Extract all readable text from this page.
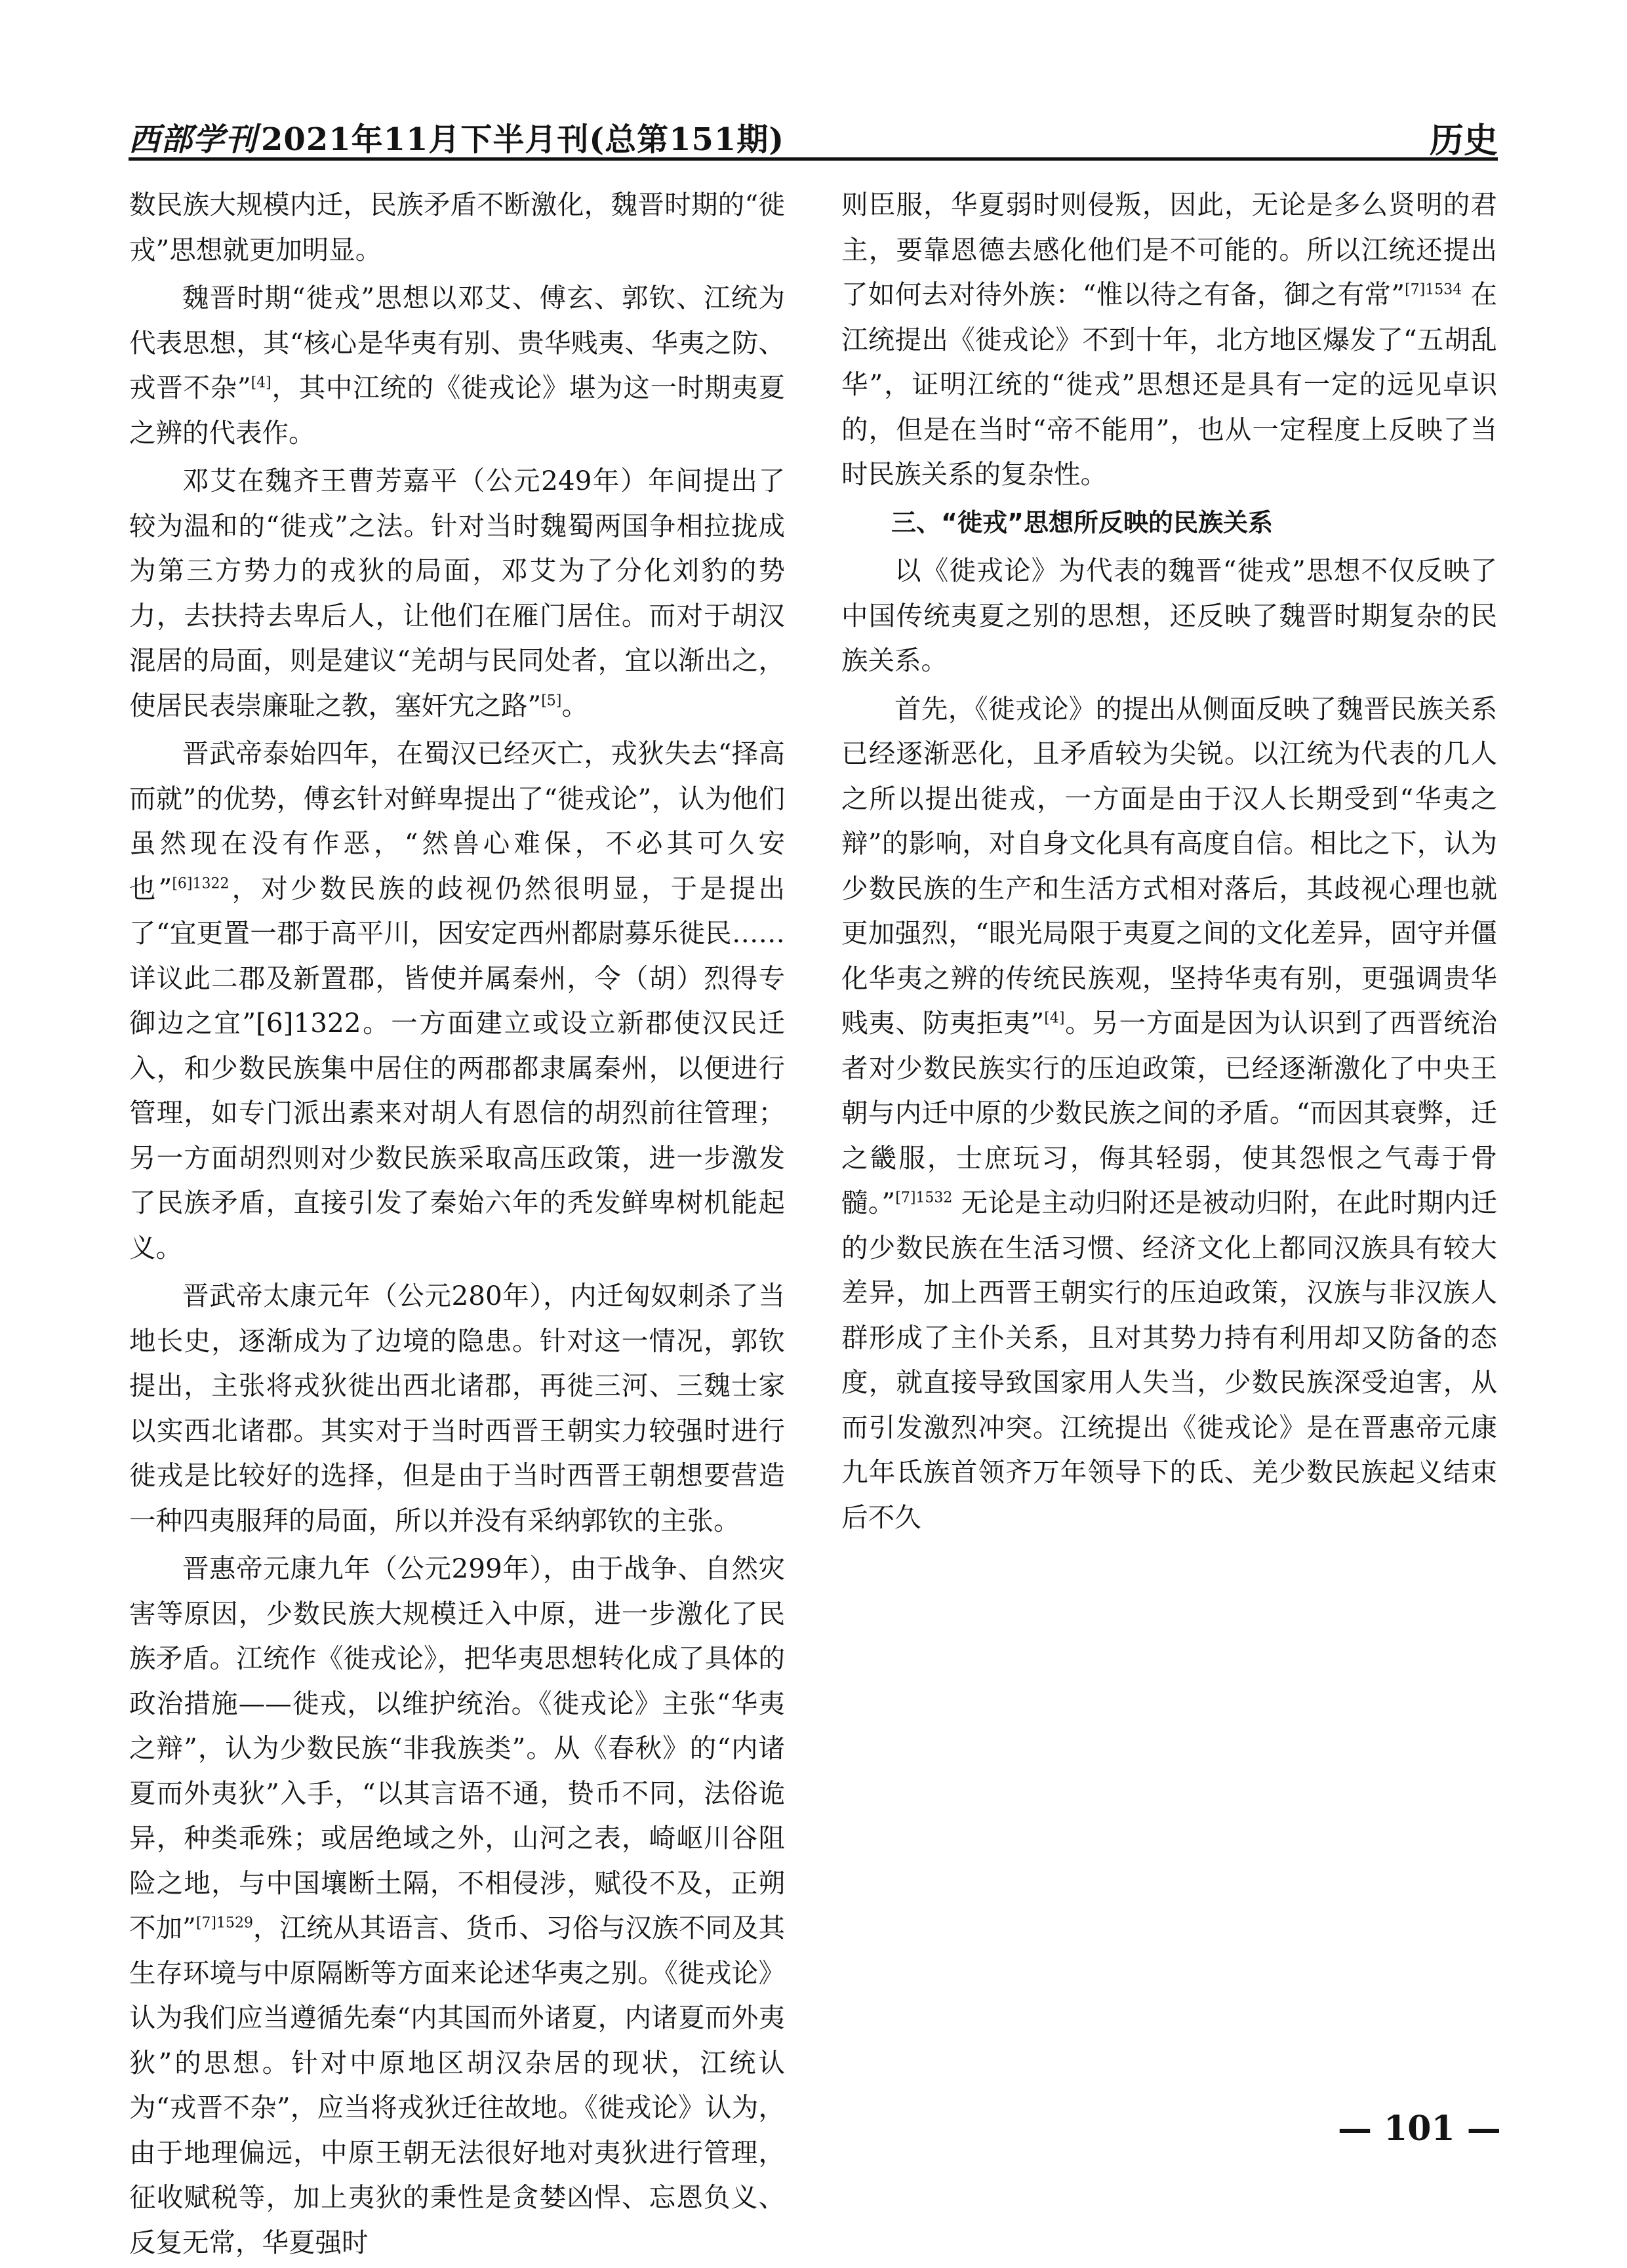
西部学刊 2021年11月下半月刊(总第151期)	历史

数民族大规模内迁，民族矛盾不断激化，魏晋时期的“徙戎”思想就更加明显。

魏晋时期“徙戎”思想以邓艾、傅玄、郭钦、江统为代表思想，其“核心是华夷有别、贵华贱夷、华夷之防、戎晋不杂”[4]，其中江统的《徙戎论》堪为这一时期夷夏之辨的代表作。

邓艾在魏齐王曹芳嘉平（公元249年）年间提出了较为温和的“徙戎”之法。针对当时魏蜀两国争相拉拢成为第三方势力的戎狄的局面，邓艾为了分化刘豹的势力，去扶持去卑后人，让他们在雁门居住。而对于胡汉混居的局面，则是建议“羌胡与民同处者，宜以渐出之，使居民表崇廉耻之教，塞奸宄之路”[5]。

晋武帝泰始四年，在蜀汉已经灭亡，戎狄失去“择高而就”的优势，傅玄针对鲜卑提出了“徙戎论”，认为他们虽然现在没有作恶，“然兽心难保，不必其可久安也”$^{[6]1322}$，对少数民族的歧视仍然很明显，于是提出了“宜更置一郡于高平川，因安定西州都尉募乐徙民……详议此二郡及新置郡，皆使并属秦州，令（胡）烈得专御边之宜”[6]1322。一方面建立或设立新郡使汉民迁入，和少数民族集中居住的两郡都隶属秦州，以便进行管理，如专门派出素来对胡人有恩信的胡烈前往管理；另一方面胡烈则对少数民族采取高压政策，进一步激发了民族矛盾，直接引发了秦始六年的秃发鲜卑树机能起义。

晋武帝太康元年（公元280年），内迁匈奴刺杀了当地长史，逐渐成为了边境的隐患。针对这一情况，郭钦提出，主张将戎狄徙出西北诸郡，再徙三河、三魏士家以实西北诸郡。其实对于当时西晋王朝实力较强时进行徙戎是比较好的选择，但是由于当时西晋王朝想要营造一种四夷服拜的局面，所以并没有采纳郭钦的主张。

晋惠帝元康九年（公元299年），由于战争、自然灾害等原因，少数民族大规模迁入中原，进一步激化了民族矛盾。江统作《徙戎论》，把华夷思想转化成了具体的政治措施——徙戎，以维护统治。《徙戎论》主张“华夷之辩”，认为少数民族“非我族类”。从《春秋》的“内诸夏而外夷狄”入手，“以其言语不通，贽币不同，法俗诡异，种类乖殊；或居绝域之外，山河之表，崎岖川谷阻险之地，与中国壤断土隔，不相侵涉，赋役不及，正朔不加”$^{[7]1529}$，江统从其语言、货币、习俗与汉族不同及其生存环境与中原隔断等方面来论述华夷之别。《徙戎论》认为我们应当遵循先秦“内其国而外诸夏，内诸夏而外夷狄”的思想。针对中原地区胡汉杂居的现状，江统认为“戎晋不杂”，应当将戎狄迁往故地。《徙戎论》认为，由于地理偏远，中原王朝无法很好地对夷狄进行管理，征收赋税等，加上夷狄的秉性是贪婪凶悍、忘恩负义、反复无常，华夏强时

则臣服，华夏弱时则侵叛，因此，无论是多么贤明的君主，要靠恩德去感化他们是不可能的。所以江统还提出了如何去对待外族：“惟以待之有备，御之有常”$^{[7]1534}$ 在江统提出《徙戎论》不到十年，北方地区爆发了“五胡乱华”，证明江统的“徙戎”思想还是具有一定的远见卓识的，但是在当时“帝不能用”，也从一定程度上反映了当时民族关系的复杂性。

三、“徙戎”思想所反映的民族关系

以《徙戎论》为代表的魏晋“徙戎”思想不仅反映了中国传统夷夏之别的思想，还反映了魏晋时期复杂的民族关系。

首先，《徙戎论》的提出从侧面反映了魏晋民族关系已经逐渐恶化，且矛盾较为尖锐。以江统为代表的几人之所以提出徙戎，一方面是由于汉人长期受到“华夷之辩”的影响，对自身文化具有高度自信。相比之下，认为少数民族的生产和生活方式相对落后，其歧视心理也就更加强烈，“眼光局限于夷夏之间的文化差异，固守并僵化华夷之辨的传统民族观，坚持华夷有别，更强调贵华贱夷、防夷拒夷”[4]。另一方面是因为认识到了西晋统治者对少数民族实行的压迫政策，已经逐渐激化了中央王朝与内迁中原的少数民族之间的矛盾。“而因其衰弊，迁之畿服，士庶玩习，侮其轻弱，使其怨恨之气毒于骨髓。”$^{[7]1532}$ 无论是主动归附还是被动归附，在此时期内迁的少数民族在生活习惯、经济文化上都同汉族具有较大差异，加上西晋王朝实行的压迫政策，汉族与非汉族人群形成了主仆关系，且对其势力持有利用却又防备的态度，就直接导致国家用人失当，少数民族深受迫害，从而引发激烈冲突。江统提出《徙戎论》是在晋惠帝元康九年氐族首领齐万年领导下的氐、羌少数民族起义结束后不久

— 101 —
